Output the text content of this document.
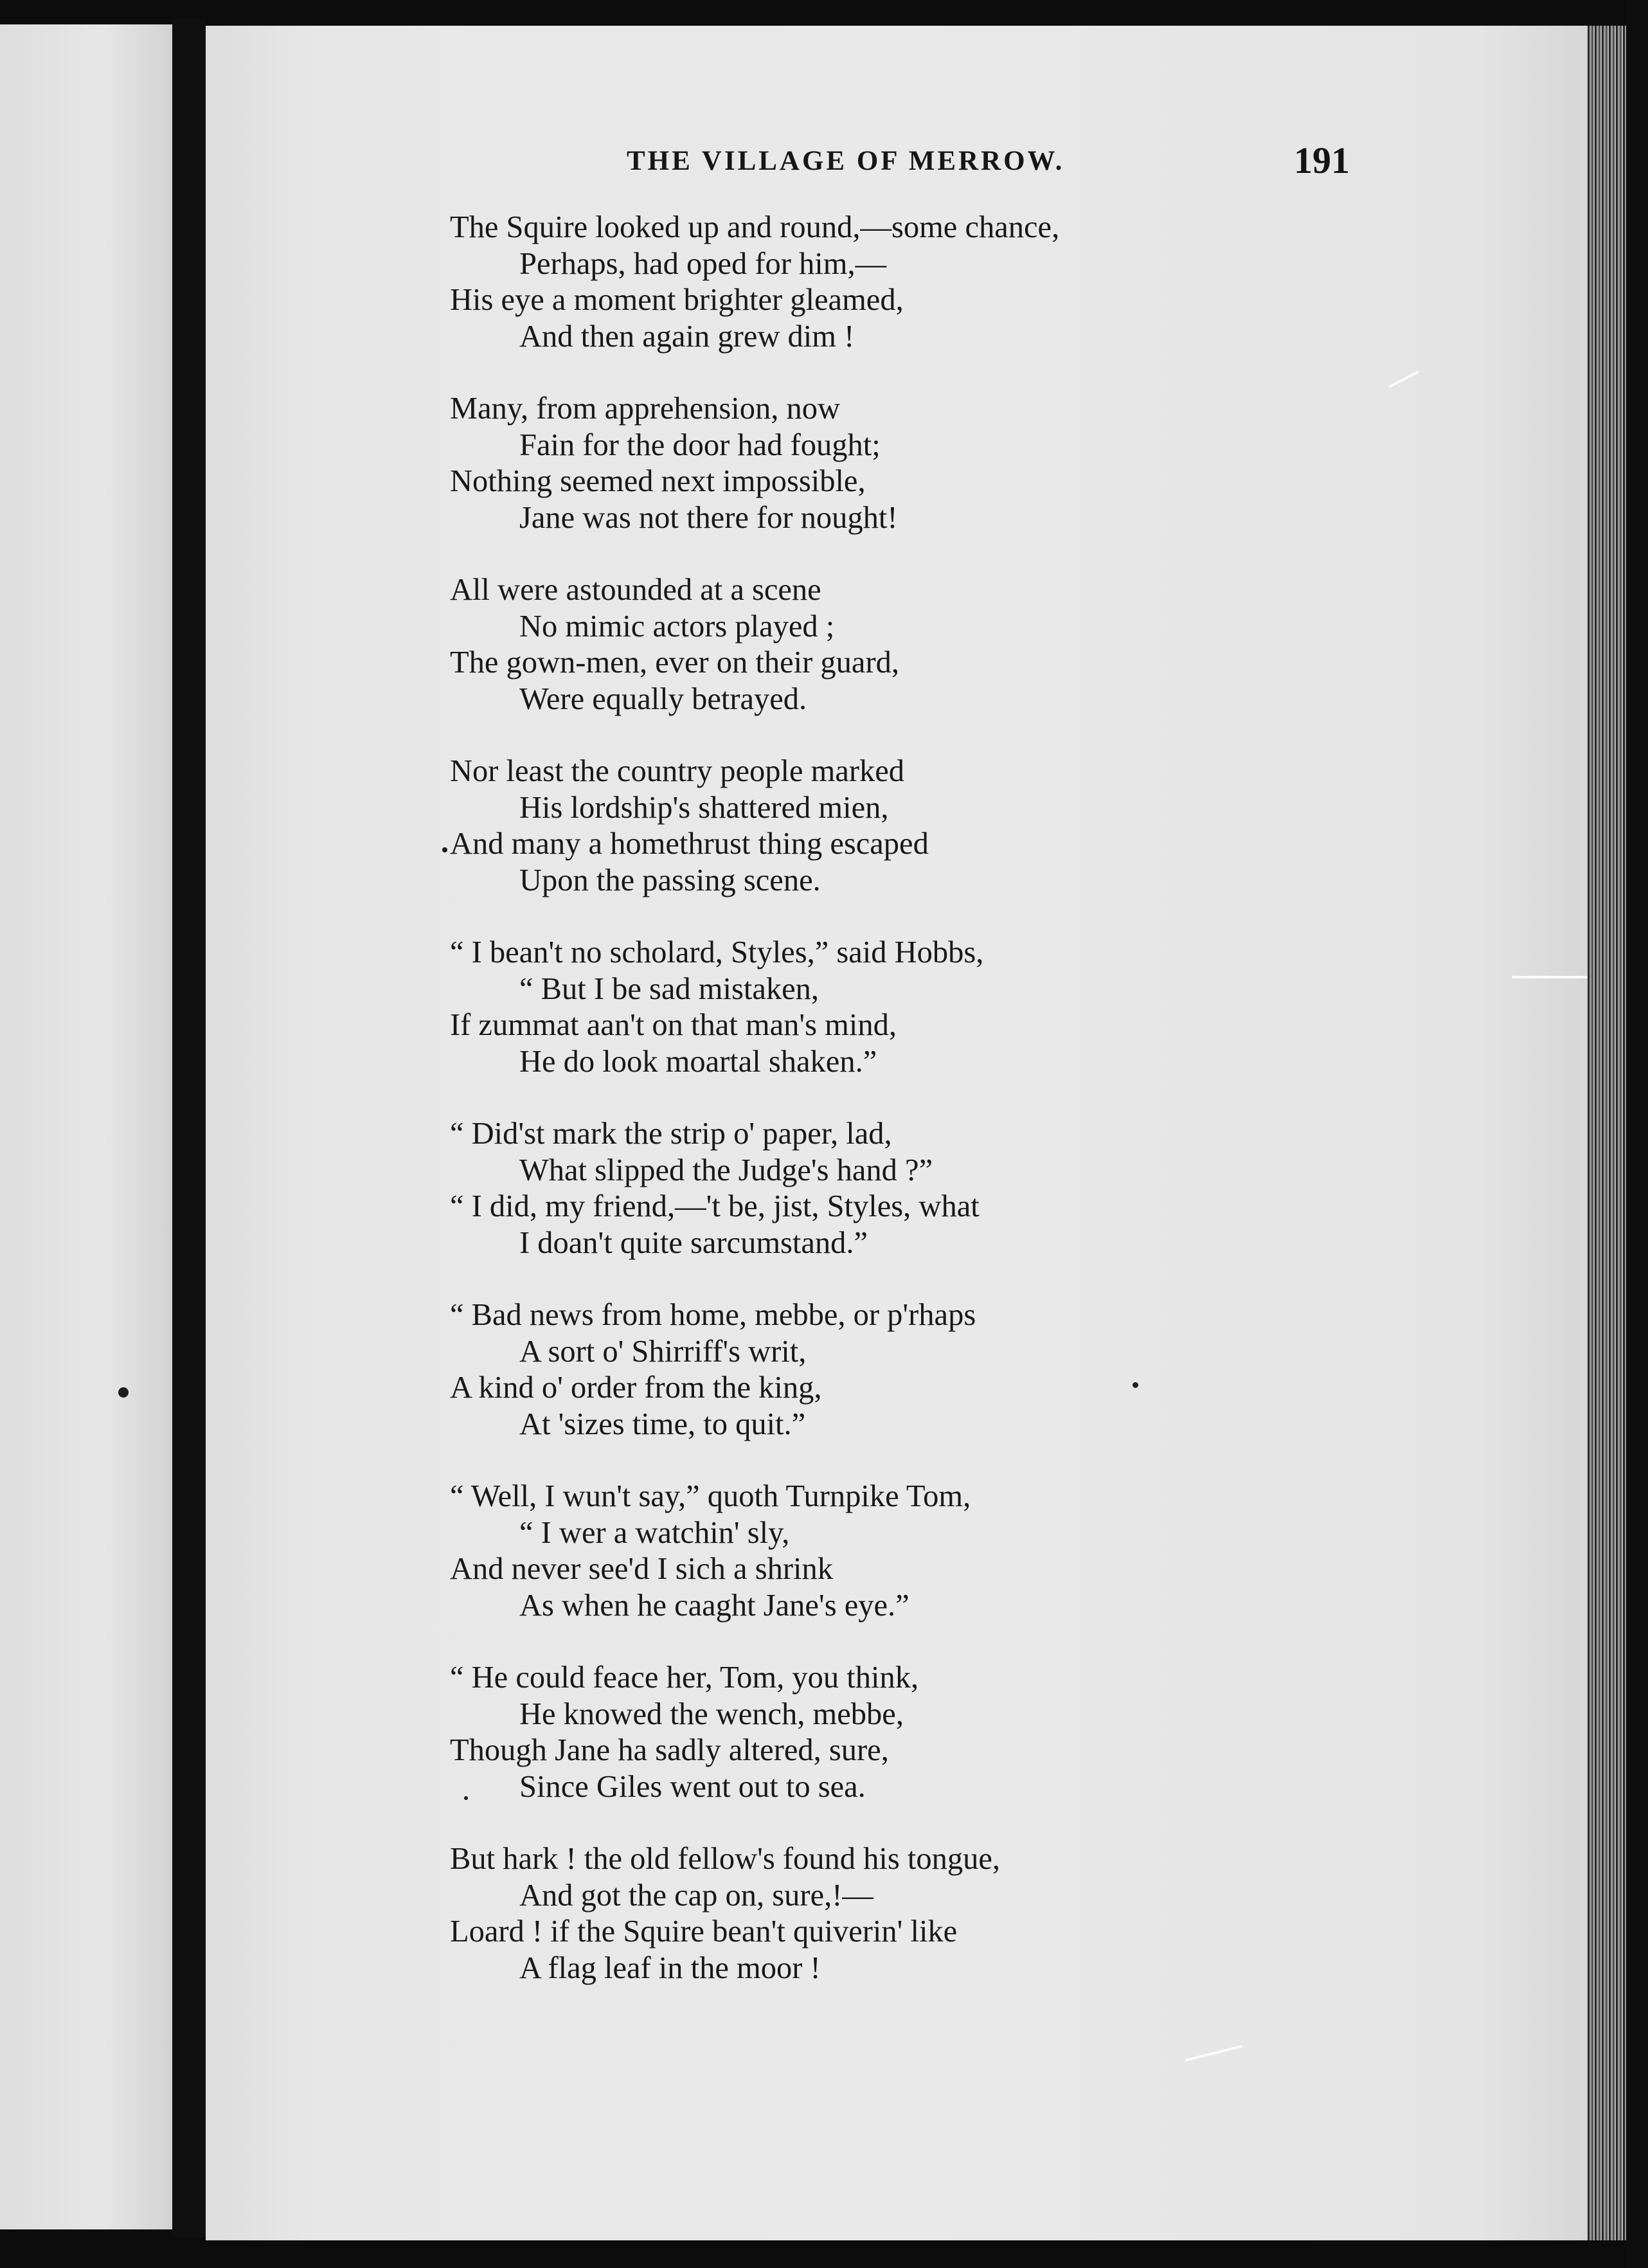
THE VILLAGE OF MERROW.	191
The Squire looked up and round,—some chance,
Perhaps, had oped for him,—
His eye a moment brighter gleamed,
And then again grew dim !
Many, from apprehension, now
Fain for the door had fought;
Nothing seemed next impossible,
Jane was not there for nought!
All were astounded at a scene
No mimic actors played ;
The gown-men, ever on their guard,
Were equally betrayed.
Nor least the country people marked
His lordship's shattered mien,
And many a homethrust thing escaped
Upon the passing scene.
“ I bean't no scholard, Styles,” said Hobbs,
“ But I be sad mistaken,
If zummat aan't on that man's mind,
He do look moartal shaken.”
“ Did'st mark the strip o' paper, lad,
What slipped the Judge's hand ?”
“ I did, my friend,—'t be, jist, Styles, what
I doan't quite sarcumstand.”
“ Bad news from home, mebbe, or p'rhaps
A sort o' Shirriff's writ,
A kind o' order from the king,
At 'sizes time, to quit.”
“ Well, I wun't say,” quoth Turnpike Tom,
“ I wer a watchin' sly,
And never see'd I sich a shrink
As when he caaght Jane's eye.”
“ He could feace her, Tom, you think,
He knowed the wench, mebbe,
Though Jane ha sadly altered, sure,
Since Giles went out to sea.
But hark ! the old fellow's found his tongue,
And got the cap on, sure,!—
Loard ! if the Squire bean't quiverin' like
A flag leaf in the moor !
